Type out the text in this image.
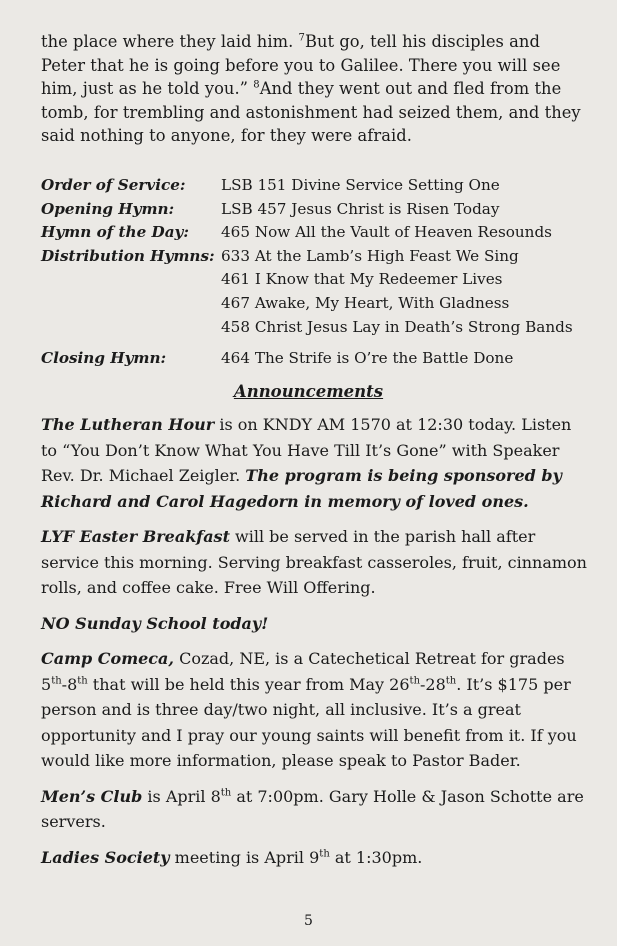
the place where they laid him. $^7$But go, tell his disciples and Peter that he is going before you to Galilee. There you will see him, just as he told you.” $^8$And they went out and fled from the tomb, for trembling and astonishment had seized them, and they said nothing to anyone, for they were afraid.
Order of Service:	LSB 151 Divine Service Setting One
Opening Hymn:	LSB 457 Jesus Christ is Risen Today
Hymn of the Day:	465 Now All the Vault of Heaven Resounds
Distribution Hymns: 633 At the Lamb’s High Feast We Sing
461 I Know that My Redeemer Lives
467 Awake, My Heart, With Gladness
458 Christ Jesus Lay in Death’s Strong Bands
Closing Hymn:	464 The Strife is O’re the Battle Done
Announcements

The Lutheran Hour is on KNDY AM 1570 at 12:30 today. Listen to “You Don’t Know What You Have Till It’s Gone” with Speaker Rev. Dr. Michael Zeigler. The program is being sponsored by Richard and Carol Hagedorn in memory of loved ones.

LYF Easter Breakfast will be served in the parish hall after service this morning. Serving breakfast casseroles, fruit, cinnamon rolls, and coffee cake. Free Will Offering.

NO Sunday School today!

Camp Comeca, Cozad, NE, is a Catechetical Retreat for grades 5th-8th that will be held this year from May 26th-28th. It’s $175 per person and is three day/two night, all inclusive. It’s a great opportunity and I pray our young saints will benefit from it. If you would like more information, please speak to Pastor Bader.

Men’s Club is April 8th at 7:00pm. Gary Holle & Jason Schotte are servers.

Ladies Society meeting is April 9th at 1:30pm.

5
